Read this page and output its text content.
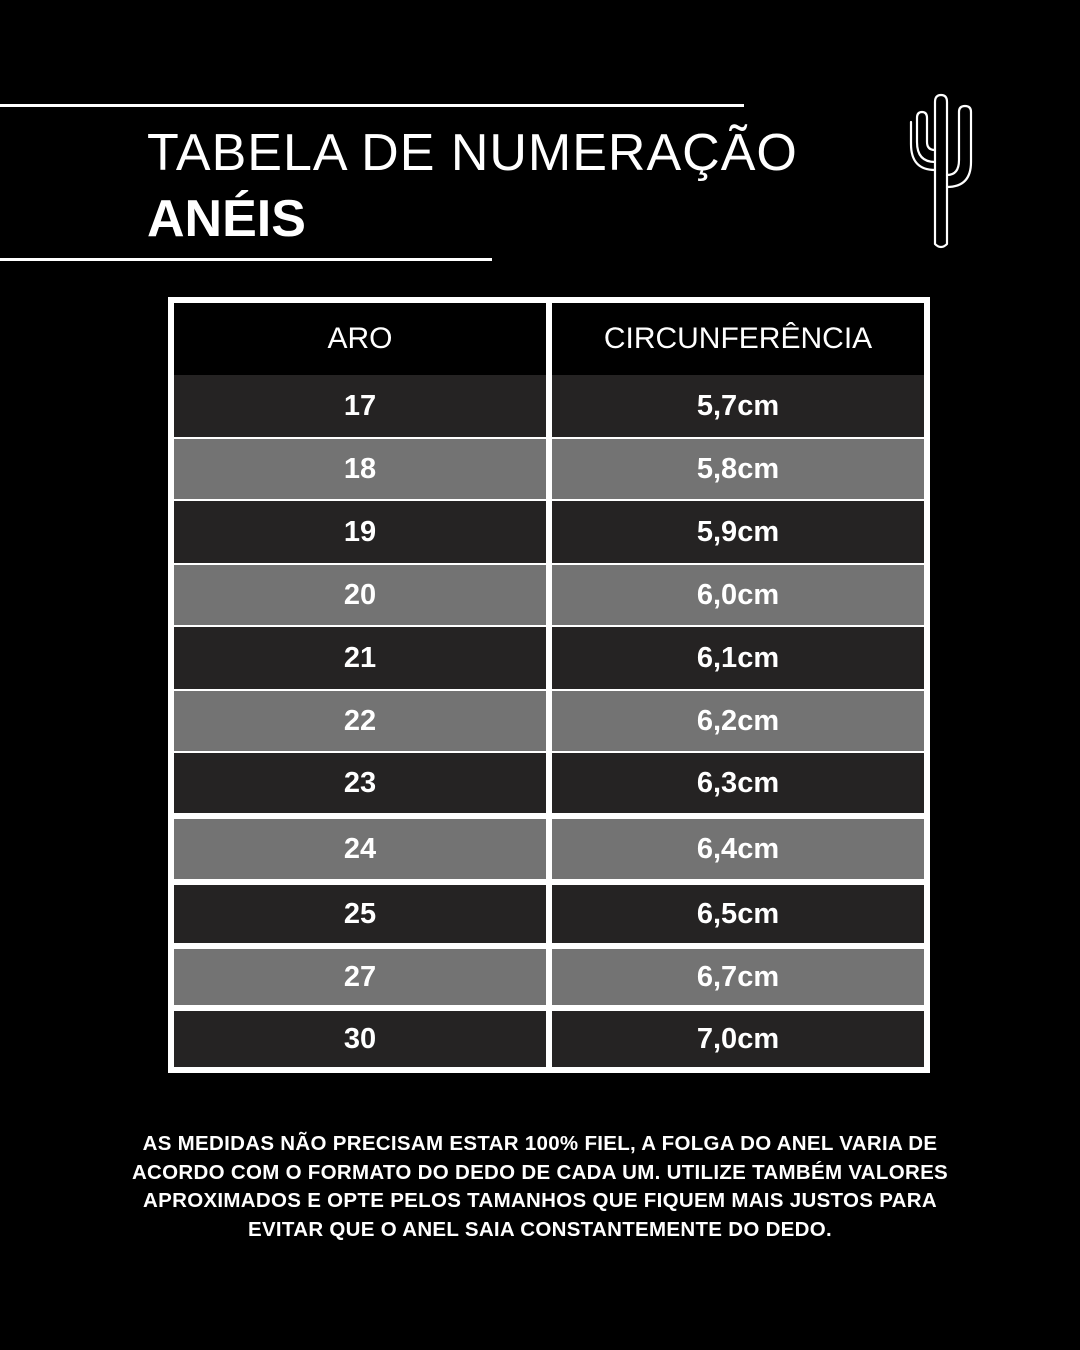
TABELA DE NUMERAÇÃO
ANÉIS
ARO	CIRCUNFERÊNCIA
17	5,7cm
18	5,8cm
19	5,9cm
20	6,0cm
21	6,1cm
22	6,2cm
23	6,3cm
24	6,4cm
25	6,5cm
27	6,7cm
30	7,0cm
AS MEDIDAS NÃO PRECISAM ESTAR 100% FIEL, A FOLGA DO ANEL VARIA DE ACORDO COM O FORMATO DO DEDO DE CADA UM. UTILIZE TAMBÉM VALORES APROXIMADOS E OPTE PELOS TAMANHOS QUE FIQUEM MAIS JUSTOS PARA EVITAR QUE O ANEL SAIA CONSTANTEMENTE DO DEDO.
